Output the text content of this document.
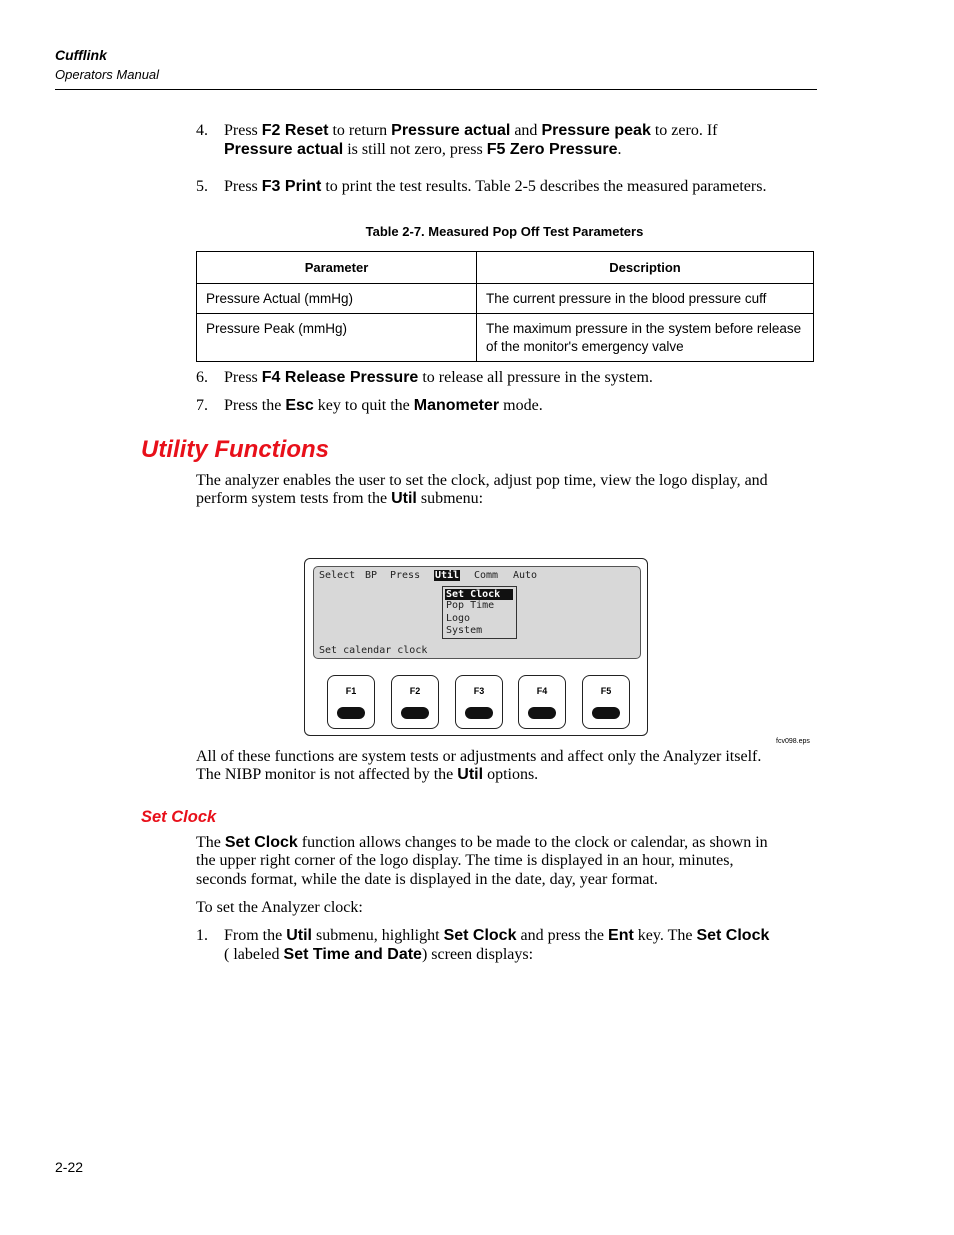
Cufflink
Operators Manual
4. Press F2 Reset to return Pressure actual and Pressure peak to zero. If
Pressure actual is still not zero, press F5 Zero Pressure.
5. Press F3 Print to print the test results. Table 2-5 describes the measured parameters.
Table 2-7. Measured Pop Off Test Parameters
Parameter	Description
Pressure Actual (mmHg)	The current pressure in the blood pressure cuff
Pressure Peak (mmHg)	The maximum pressure in the system before release of the monitor's emergency valve
6. Press F4 Release Pressure to release all pressure in the system.
7. Press the Esc key to quit the Manometer mode.
Utility Functions
The analyzer enables the user to set the clock, adjust pop time, view the logo display, and
perform system tests from the Util submenu:
Select BP Press Util Comm Auto
Set Clock
Pop Time
Logo
System
Set calendar clock
F1	F2	F3	F4	F5
fcv098.eps
All of these functions are system tests or adjustments and affect only the Analyzer itself.
The NIBP monitor is not affected by the Util options.
Set Clock
The Set Clock function allows changes to be made to the clock or calendar, as shown in
the upper right corner of the logo display. The time is displayed in an hour, minutes,
seconds format, while the date is displayed in the date, day, year format.
To set the Analyzer clock:
1. From the Util submenu, highlight Set Clock and press the Ent key. The Set Clock
( labeled Set Time and Date) screen displays:
2-22
